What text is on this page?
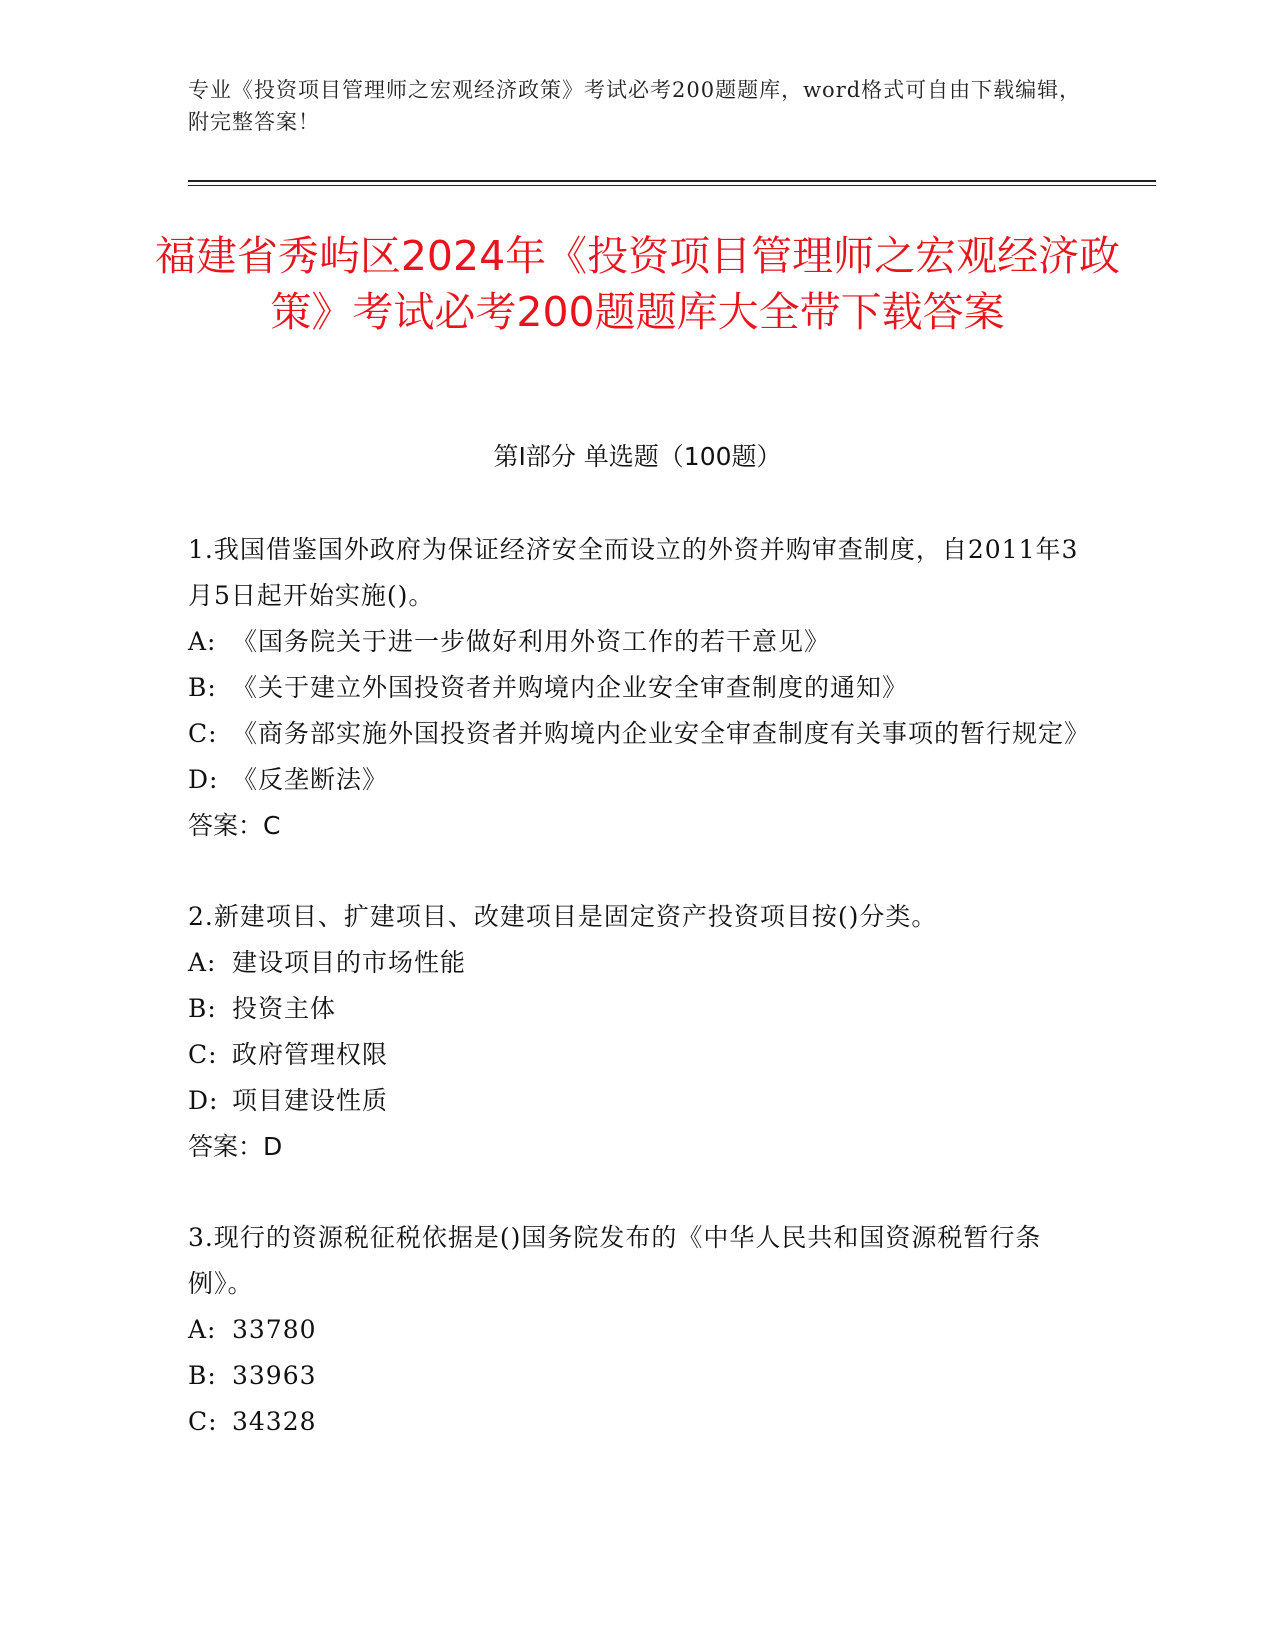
专业《投资项目管理师之宏观经济政策》考试必考200题题库，word格式可自由下载编辑，附完整答案！
福建省秀屿区2024年《投资项目管理师之宏观经济政策》考试必考200题题库大全带下载答案
第Ⅰ部分 单选题（100题）
1.我国借鉴国外政府为保证经济安全而设立的外资并购审查制度，自2011年3月5日起开始实施()。
A: 《国务院关于进一步做好利用外资工作的若干意见》
B: 《关于建立外国投资者并购境内企业安全审查制度的通知》
C: 《商务部实施外国投资者并购境内企业安全审查制度有关事项的暂行规定》
D: 《反垄断法》
答案：C
2.新建项目、扩建项目、改建项目是固定资产投资项目按()分类。
A: 建设项目的市场性能
B: 投资主体
C: 政府管理权限
D: 项目建设性质
答案：D
3.现行的资源税征税依据是()国务院发布的《中华人民共和国资源税暂行条例》。
A: 33780
B: 33963
C: 34328
